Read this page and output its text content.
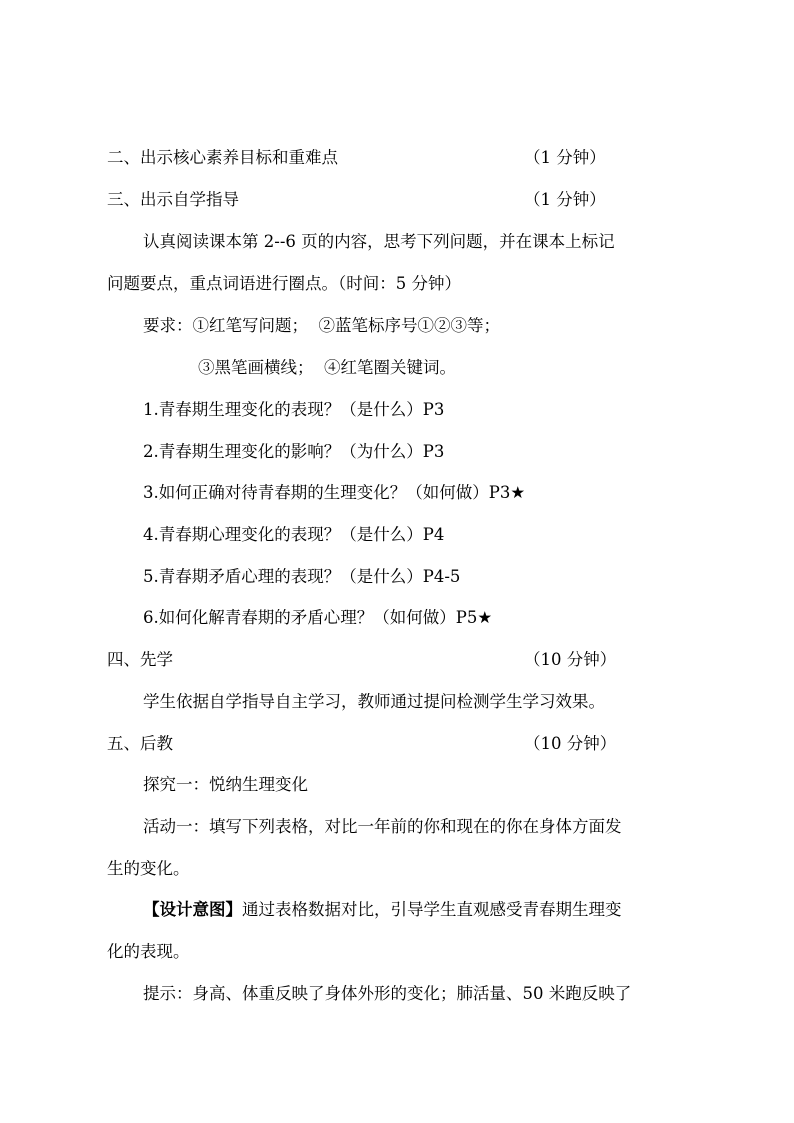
二、出示核心素养目标和重难点	（1 分钟）
三、出示自学指导	（1 分钟）
认真阅读课本第 2--6 页的内容，思考下列问题，并在课本上标记
问题要点，重点词语进行圈点。（时间：5 分钟）
要求：①红笔写问题；  ②蓝笔标序号①②③等；
③黑笔画横线；  ④红笔圈关键词。
1.青春期生理变化的表现？（是什么）P3
2.青春期生理变化的影响？（为什么）P3
3.如何正确对待青春期的生理变化？（如何做）P3★
4.青春期心理变化的表现？（是什么）P4
5.青春期矛盾心理的表现？（是什么）P4-5
6.如何化解青春期的矛盾心理？（如何做）P5★
四、先学	（10 分钟）
学生依据自学指导自主学习，教师通过提问检测学生学习效果。
五、后教	（10 分钟）
探究一：悦纳生理变化
活动一：填写下列表格，对比一年前的你和现在的你在身体方面发
生的变化。
【设计意图】通过表格数据对比，引导学生直观感受青春期生理变
化的表现。
提示：身高、体重反映了身体外形的变化；肺活量、50 米跑反映了
